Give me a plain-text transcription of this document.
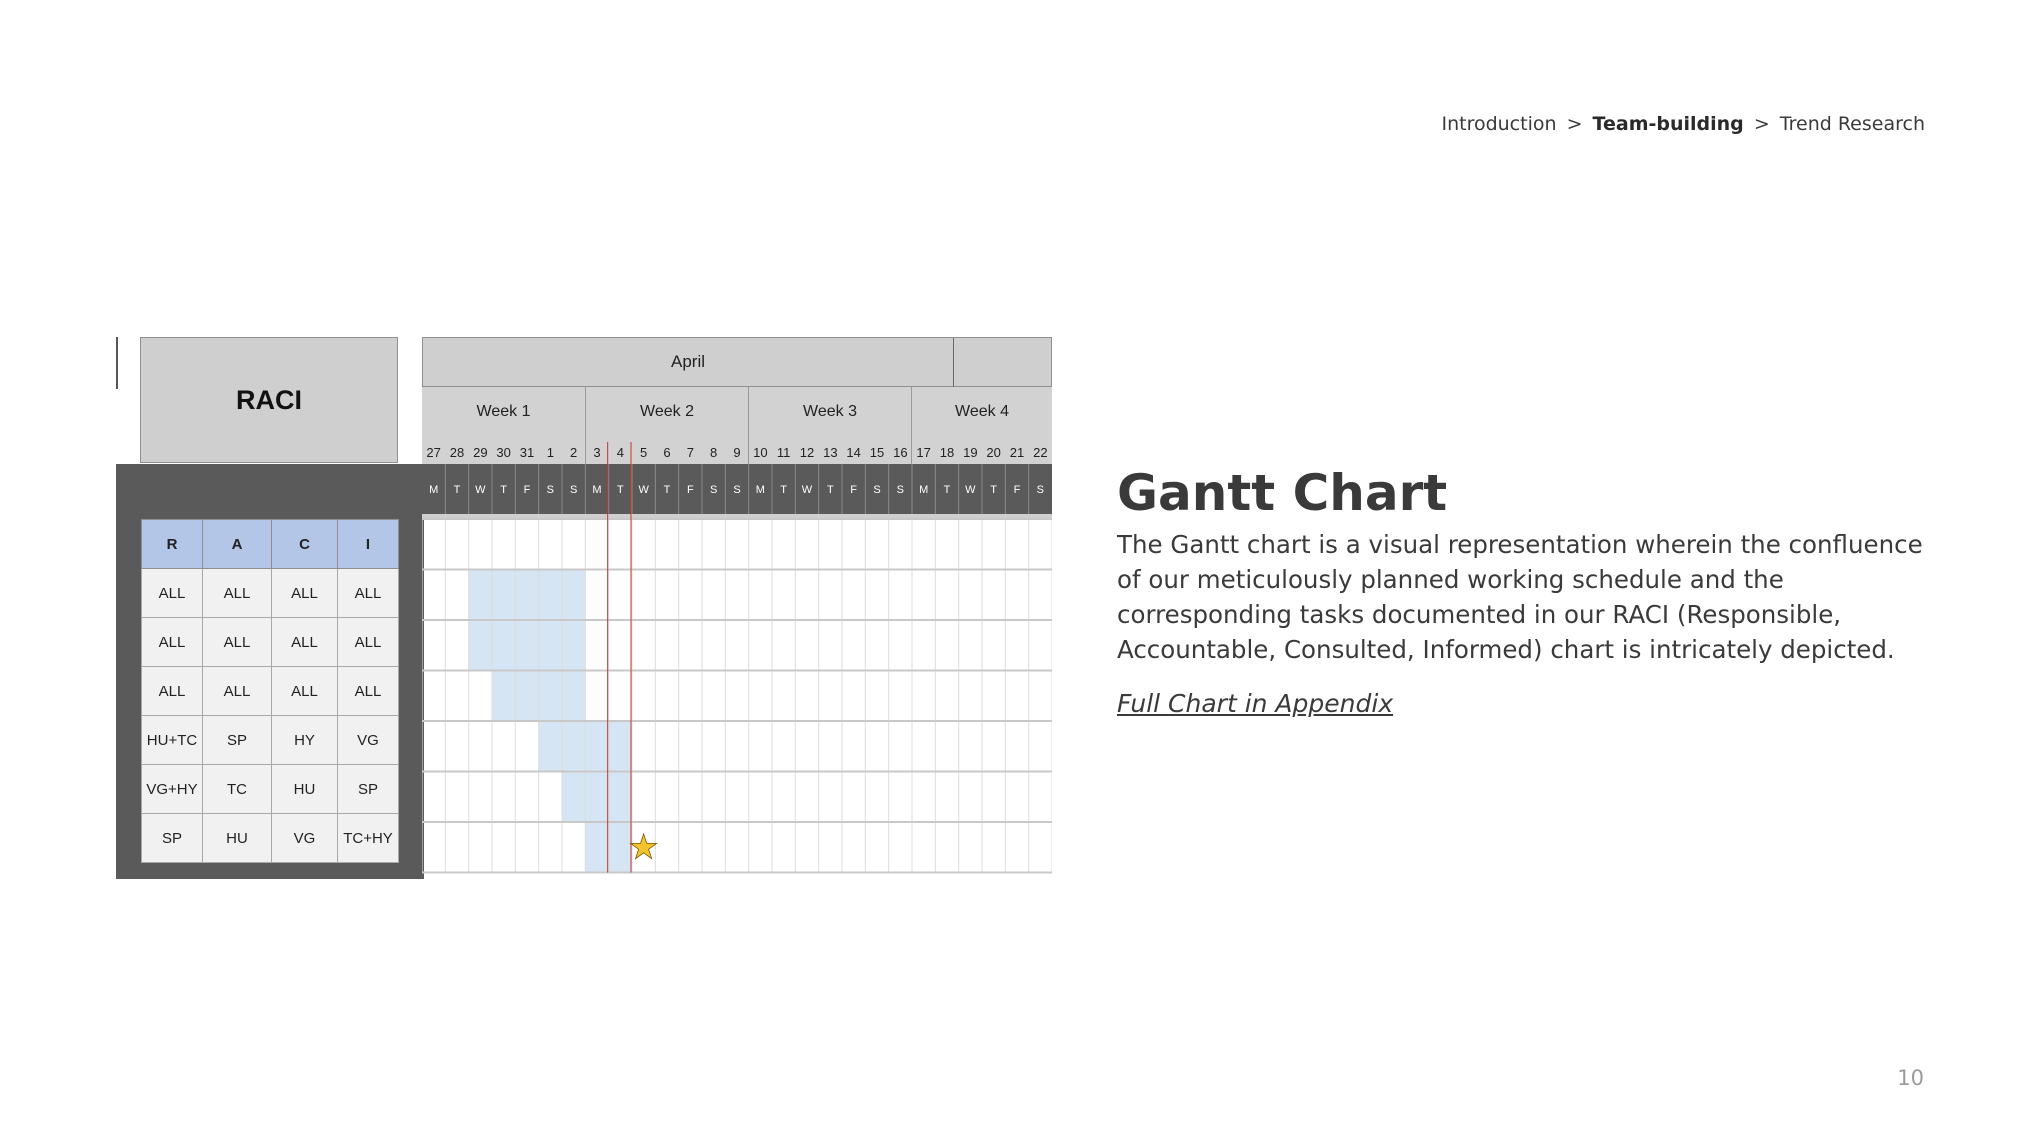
Introduction > Team-building > Trend Research
RACI
R	A	C	I
ALL	ALL	ALL	ALL
ALL	ALL	ALL	ALL
ALL	ALL	ALL	ALL
HU+TC	SP	HY	VG
VG+HY	TC	HU	SP
SP	HU	VG	TC+HY
April
Week 1	Week 2	Week 3	Week 4
27 28 29 30 31 1 2 3 4 5 6 7 8 9 10 11 12 13 14 15 16 17 18 19 20 21 22
M T W T F S S M T W T F S S M T W T F S S M T W T F S
★
Gantt Chart

The Gantt chart is a visual representation wherein the confluence of our meticulously planned working schedule and the corresponding tasks documented in our RACI (Responsible, Accountable, Consulted, Informed) chart is intricately depicted.

Full Chart in Appendix
10
